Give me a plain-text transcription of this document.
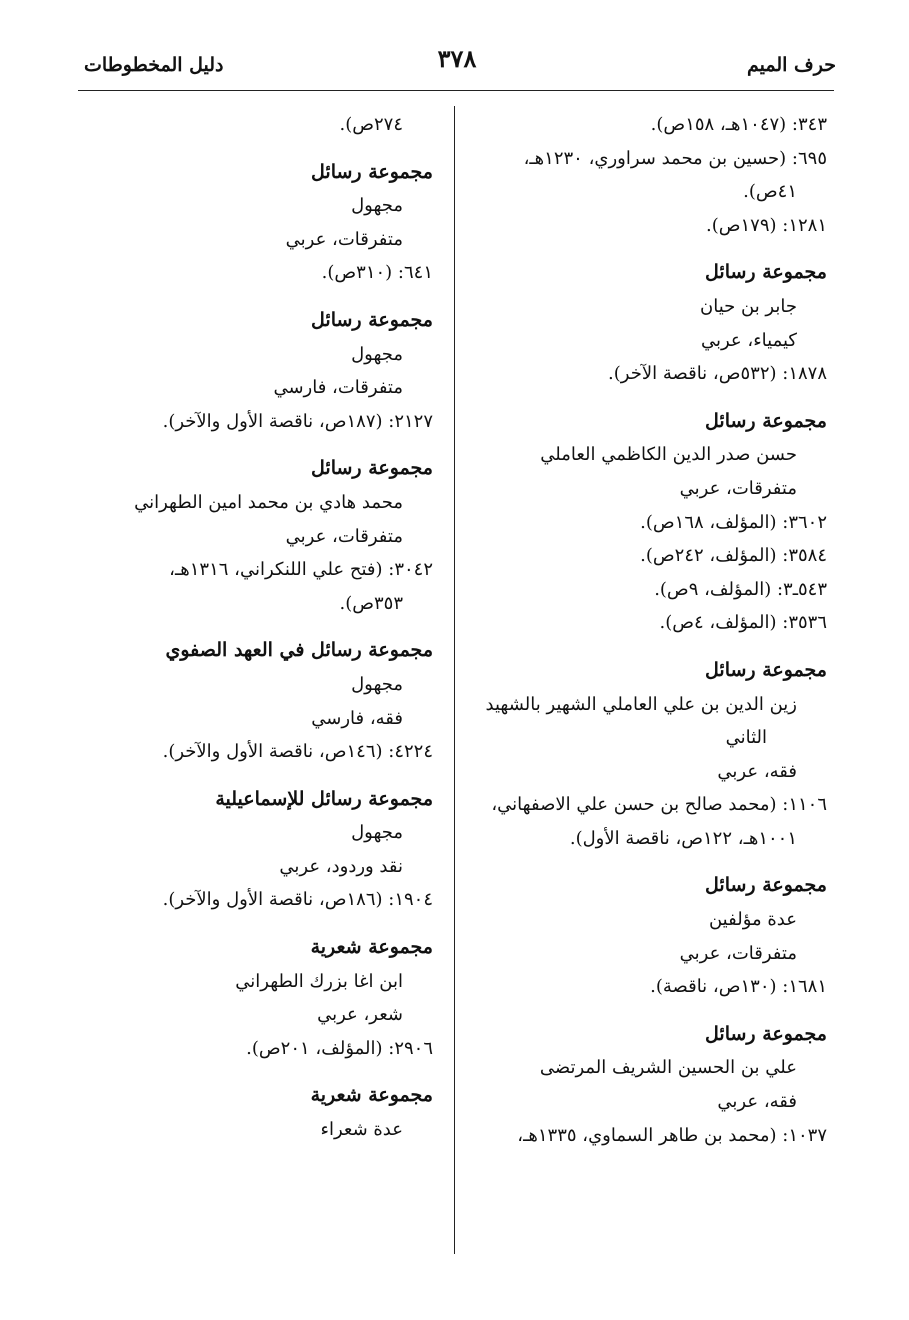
دليل المخطوطات	٣٧٨	حرف الميم
٣٤٣: (١٠٤٧هـ، ١٥٨ص).
٦٩٥: (حسين بن محمد سراوري، ١٢٣٠هـ،
٤١ص).
١٢٨١: (١٧٩ص).
مجموعة رسائل
جابر بن حيان
كيمياء، عربي
١٨٧٨: (٥٣٢ص، ناقصة الآخر).
مجموعة رسائل
حسن صدر الدين الكاظمي العاملي
متفرقات، عربي
٣٦٠٢: (المؤلف، ١٦٨ص).
٣٥٨٤: (المؤلف، ٢٤٢ص).
٥٤٣ـ٣: (المؤلف، ٩ص).
٣٥٣٦: (المؤلف، ٤ص).
مجموعة رسائل
زين الدين بن علي العاملي الشهير بالشهيد
الثاني
فقه، عربي
١١٠٦: (محمد صالح بن حسن علي الاصفهاني،
١٠٠١هـ، ١٢٢ص، ناقصة الأول).
مجموعة رسائل
عدة مؤلفين
متفرقات، عربي
١٦٨١: (١٣٠ص، ناقصة).
مجموعة رسائل
علي بن الحسين الشريف المرتضى
فقه، عربي
١٠٣٧: (محمد بن طاهر السماوي، ١٣٣٥هـ،
٢٧٤ص).
مجموعة رسائل
مجهول
متفرقات، عربي
٦٤١: (٣١٠ص).
مجموعة رسائل
مجهول
متفرقات، فارسي
٢١٢٧: (١٨٧ص، ناقصة الأول والآخر).
مجموعة رسائل
محمد هادي بن محمد امين الطهراني
متفرقات، عربي
٣٠٤٢: (فتح علي اللنكراني، ١٣١٦هـ،
٣٥٣ص).
مجموعة رسائل في العهد الصفوي
مجهول
فقه، فارسي
٤٢٢٤: (١٤٦ص، ناقصة الأول والآخر).
مجموعة رسائل للإسماعيلية
مجهول
نقد وردود، عربي
١٩٠٤: (١٨٦ص، ناقصة الأول والآخر).
مجموعة شعرية
ابن اغا بزرك الطهراني
شعر، عربي
٢٩٠٦: (المؤلف، ٢٠١ص).
مجموعة شعرية
عدة شعراء
